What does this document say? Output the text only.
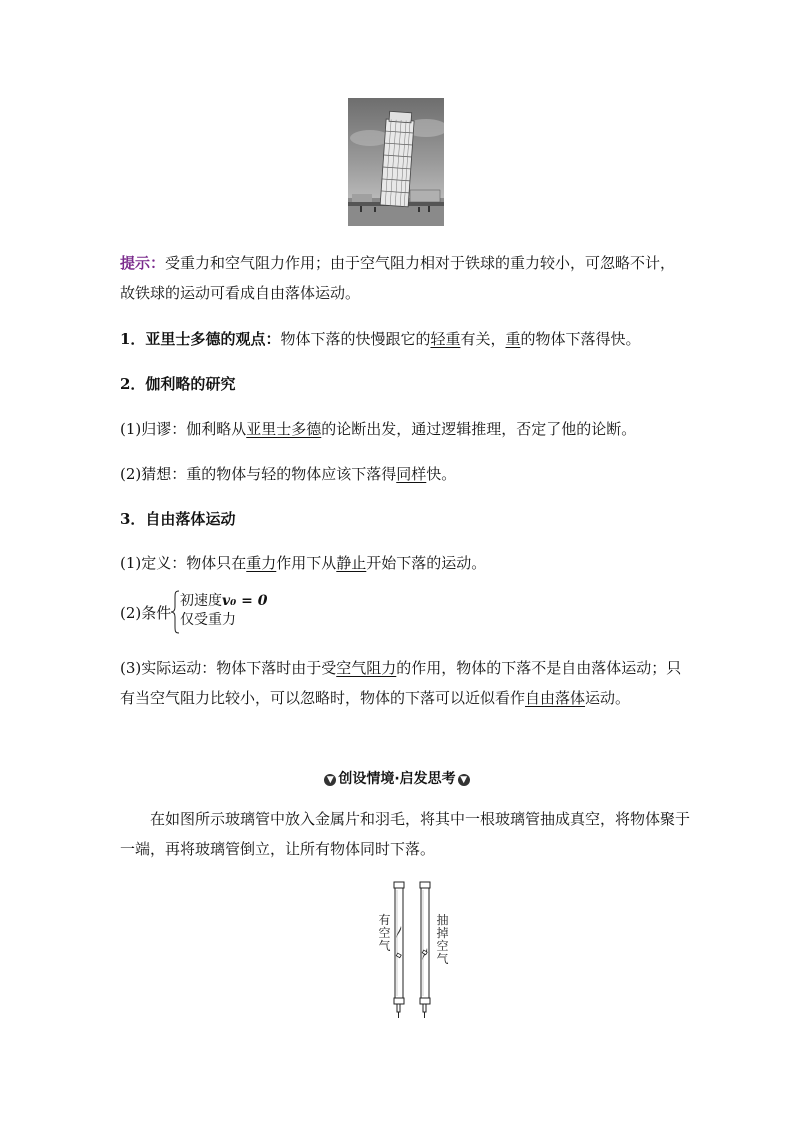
提示：受重力和空气阻力作用；由于空气阻力相对于铁球的重力较小，可忽略不计，故铁球的运动可看成自由落体运动。
1．亚里士多德的观点：物体下落的快慢跟它的轻重有关，重的物体下落得快。
2．伽利略的研究
(1)归谬：伽利略从亚里士多德的论断出发，通过逻辑推理，否定了他的论断。
(2)猜想：重的物体与轻的物体应该下落得同样快。
3．自由落体运动
(1)定义：物体只在重力作用下从静止开始下落的运动。
(2)条件
初速度v₀ = 0
仅受重力
(3)实际运动：物体下落时由于受空气阻力的作用，物体的下落不是自由落体运动；只有当空气阻力比较小，可以忽略时，物体的下落可以近似看作自由落体运动。
▼ 创设情境·启发思考 ▼
在如图所示玻璃管中放入金属片和羽毛，将其中一根玻璃管抽成真空，将物体聚于一端，再将玻璃管倒立，让所有物体同时下落。
有空气
抽掉空气
